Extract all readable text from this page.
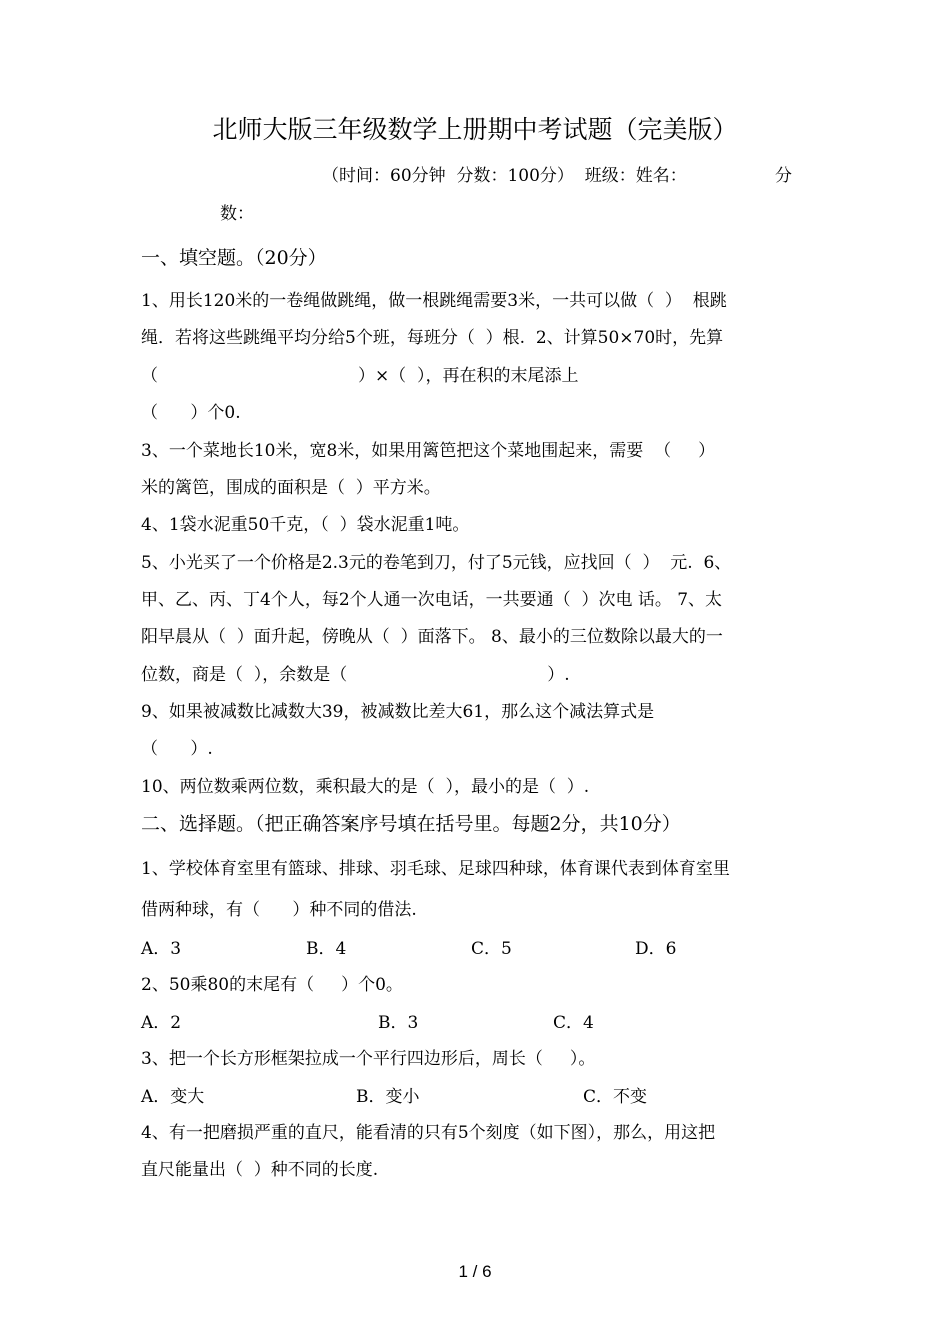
北师大版三年级数学上册期中考试题（完美版）
（时间：60分钟  分数：100分）  班级：姓名：	分
数：
一、填空题。（20分）
1、用长120米的一卷绳做跳绳，做一根跳绳需要3米，一共可以做（  ）  根跳
绳．若将这些跳绳平均分给5个班，每班分（  ）根.  2、计算50×70时，先算
（                                     ）×（  ），再在积的末尾添上
（      ）个0.
3、一个菜地长10米，宽8米，如果用篱笆把这个菜地围起来，需要  （     ）
米的篱笆，围成的面积是（  ）平方米。
4、1袋水泥重50千克，（  ）袋水泥重1吨。
5、小光买了一个价格是2.3元的卷笔到刀，付了5元钱，应找回（  ）  元.  6、
甲、乙、丙、丁4个人，每2个人通一次电话，一共要通（  ）次电 话。 7、太
阳早晨从（  ）面升起，傍晚从（  ）面落下。 8、最小的三位数除以最大的一
位数，商是（  ），余数是（                                     ）.
9、如果被减数比减数大39，被减数比差大61，那么这个减法算式是
（      ）.
10、两位数乘两位数，乘积最大的是（  ），最小的是（  ）.
二、选择题。（把正确答案序号填在括号里。每题2分，共10分）
1、学校体育室里有篮球、排球、羽毛球、足球四种球，体育课代表到体育室里
借两种球，有（      ）种不同的借法.
A．3	B．4	C．5	D．6
2、50乘80的末尾有（     ）个0。
A．2	B．3	C．4
3、把一个长方形框架拉成一个平行四边形后，周长（     ）。
A．变大	B．变小	C．不变
4、有一把磨损严重的直尺，能看清的只有5个刻度（如下图），那么，用这把
直尺能量出（  ）种不同的长度.
1 / 6
